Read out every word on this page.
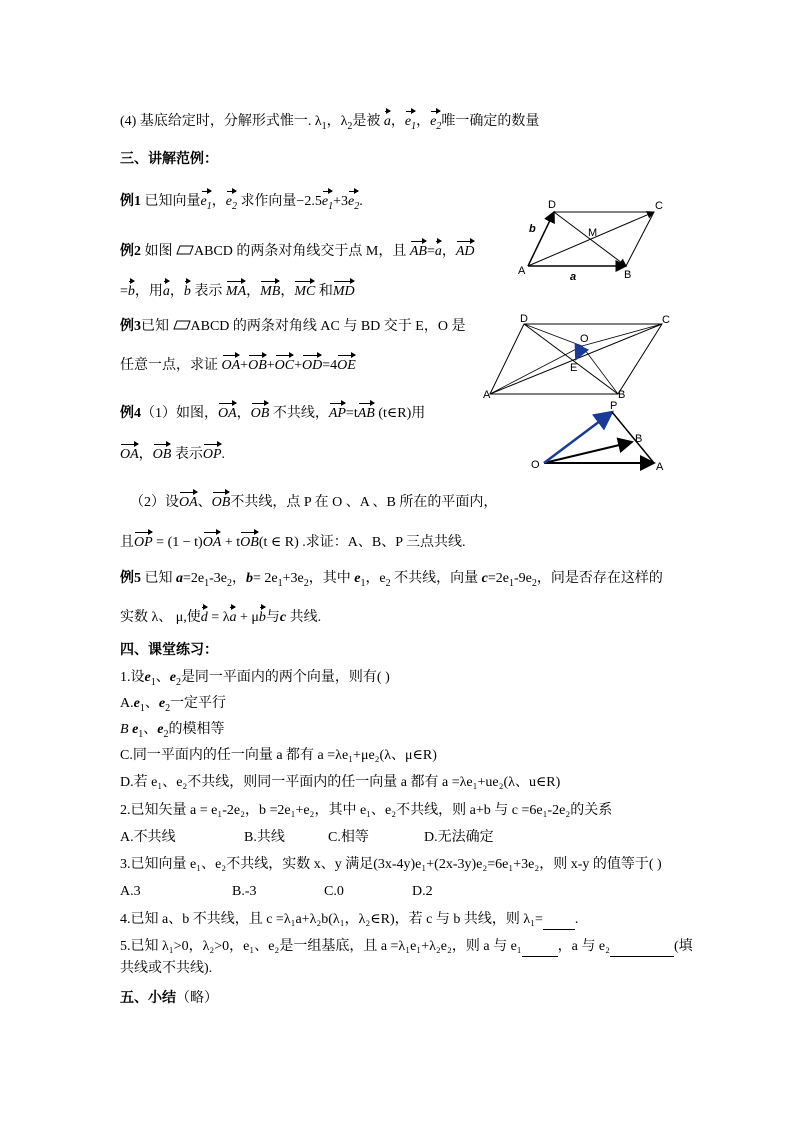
(4) 基底给定时，分解形式惟一. $\lambda_1$，$\lambda_2$是被 a，$e_1$，$e_2$唯一确定的数量
三、讲解范例：
例1 已知向量$e_1$，$e_2$ 求作向量$-2.5e_1+3e_2$.
例2 如图 ABCD 的两条对角线交于点 M，且 AB=a，AD
=b，用a，b 表示 MA，MB，MC 和MD
例3已知 ABCD 的两条对角线 AC 与 BD 交于 E，O 是
任意一点，求证 OA+OB+OC+OD=4OE
例4（1）如图，OA，OB 不共线，AP=tAB (t∈R)用
OA，OB 表示OP.
（2）设OA、OB不共线，点 P 在 O 、A 、B 所在的平面内，
且OP = (1 − t)OA + tOB(t ∈ R) .求证：A、B、P 三点共线.
例5 已知 $a=2e_1-3e_2$，$b= 2e_1+3e_2$，其中 $e_1$，$e_2$ 不共线，向量 $c=2e_1-9e_2$，问是否存在这样的
实数 λ、 μ,使d = λa + μb与c 共线.
四、课堂练习：
1.设$e_1$、$e_2$是同一平面内的两个向量，则有( )
$A.e_1$、$e_2$一定平行
B $e_1$、$e_2$的模相等
C.同一平面内的任一向量 a 都有 a =λe₁+μe₂(λ、μ∈R)
D.若 e₁、e₂不共线，则同一平面内的任一向量 a 都有 a =λe₁+ue₂(λ、u∈R)
2.已知矢量 a = e₁-2e₂，b =2e₁+e₂，其中 e₁、e₂不共线，则 a+b 与 c =6e₁-2e₂的关系
A.不共线	B.共线	C.相等	D.无法确定
3.已知向量 e₁、e₂不共线，实数 x、y 满足(3x-4y)e₁+(2x-3y)e₂=6e₁+3e₂，则 x-y 的值等于( )
A.3	B.-3	C.0	D.2
4.已知 a、b 不共线，且 c =λ₁a+λ₂b(λ₁，λ₂∈R)，若 c 与 b 共线，则 λ₁= .
5.已知 λ₁>0，λ₂>0，e₁、e₂是一组基底，且 a =λ₁e₁+λ₂e₂，则 a 与 e₁	，a 与 e₂	(填
共线或不共线).
五、小结（略）
D	C
A	B
M
a
b
D	C
A	B
O
E
P
B
O	A
